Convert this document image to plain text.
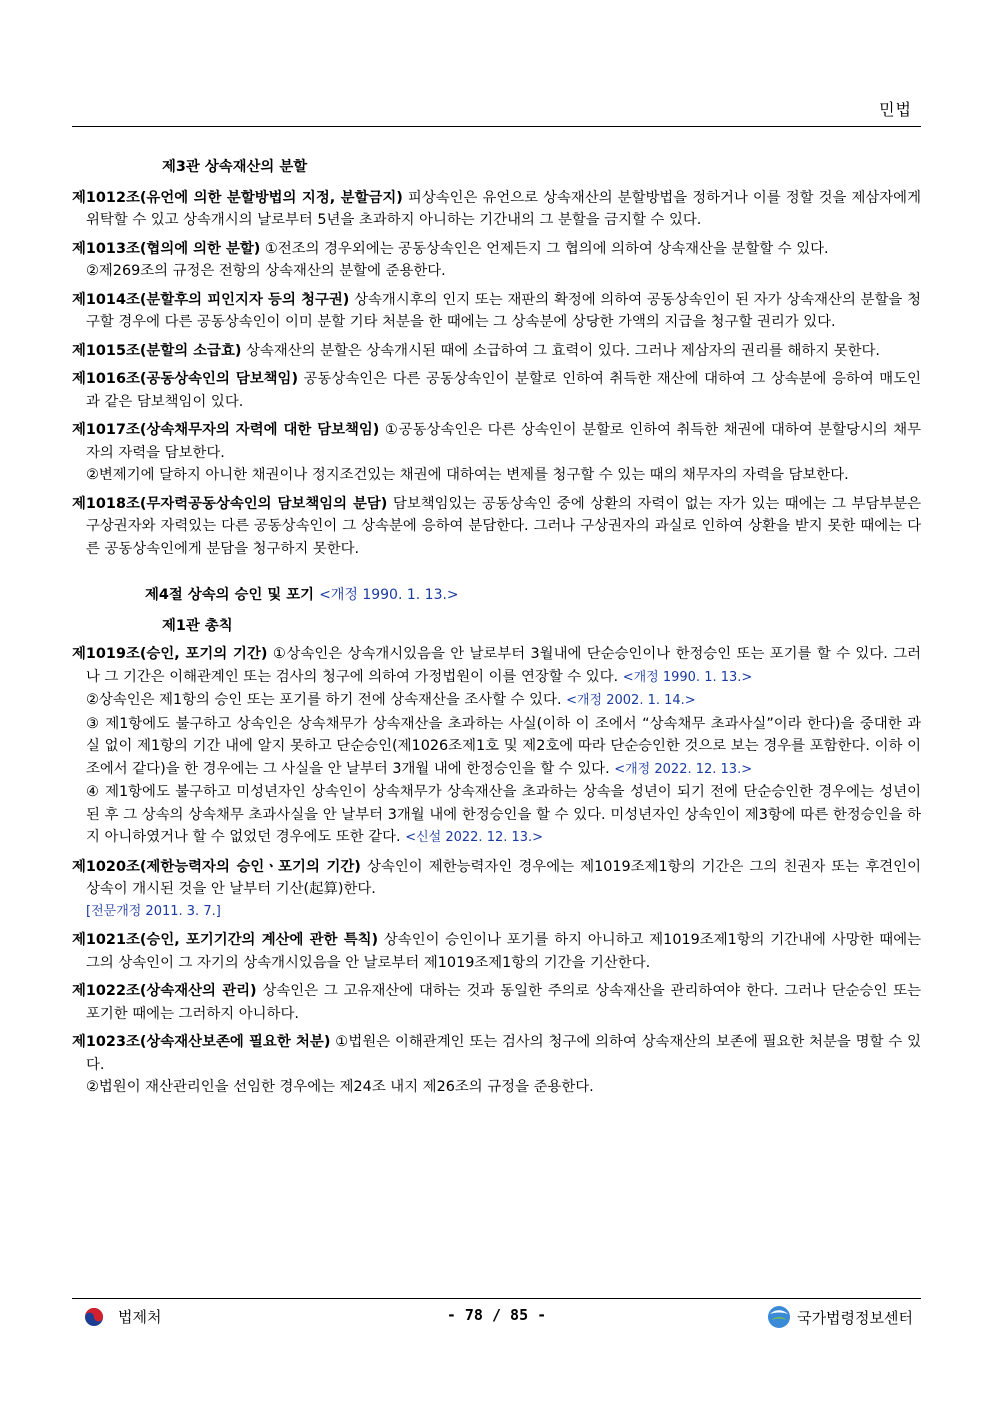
민법
제3관 상속재산의 분할

제1012조(유언에 의한 분할방법의 지정, 분할금지) 피상속인은 유언으로 상속재산의 분할방법을 정하거나 이를 정할 것을 제삼자에게 위탁할 수 있고 상속개시의 날로부터 5년을 초과하지 아니하는 기간내의 그 분할을 금지할 수 있다.

제1013조(협의에 의한 분할) ①전조의 경우외에는 공동상속인은 언제든지 그 협의에 의하여 상속재산을 분할할 수 있다.

②제269조의 규정은 전항의 상속재산의 분할에 준용한다.

제1014조(분할후의 피인지자 등의 청구권) 상속개시후의 인지 또는 재판의 확정에 의하여 공동상속인이 된 자가 상속재산의 분할을 청구할 경우에 다른 공동상속인이 이미 분할 기타 처분을 한 때에는 그 상속분에 상당한 가액의 지급을 청구할 권리가 있다.

제1015조(분할의 소급효) 상속재산의 분할은 상속개시된 때에 소급하여 그 효력이 있다. 그러나 제삼자의 권리를 해하지 못한다.

제1016조(공동상속인의 담보책임) 공동상속인은 다른 공동상속인이 분할로 인하여 취득한 재산에 대하여 그 상속분에 응하여 매도인과 같은 담보책임이 있다.

제1017조(상속채무자의 자력에 대한 담보책임) ①공동상속인은 다른 상속인이 분할로 인하여 취득한 채권에 대하여 분할당시의 채무자의 자력을 담보한다.

②변제기에 달하지 아니한 채권이나 정지조건있는 채권에 대하여는 변제를 청구할 수 있는 때의 채무자의 자력을 담보한다.

제1018조(무자력공동상속인의 담보책임의 분담) 담보책임있는 공동상속인 중에 상환의 자력이 없는 자가 있는 때에는 그 부담부분은 구상권자와 자력있는 다른 공동상속인이 그 상속분에 응하여 분담한다. 그러나 구상권자의 과실로 인하여 상환을 받지 못한 때에는 다른 공동상속인에게 분담을 청구하지 못한다.

제4절 상속의 승인 및 포기 <개정 1990. 1. 13.>
제1관 총칙

제1019조(승인, 포기의 기간) ①상속인은 상속개시있음을 안 날로부터 3월내에 단순승인이나 한정승인 또는 포기를 할 수 있다. 그러나 그 기간은 이해관계인 또는 검사의 청구에 의하여 가정법원이 이를 연장할 수 있다. <개정 1990. 1. 13.>

②상속인은 제1항의 승인 또는 포기를 하기 전에 상속재산을 조사할 수 있다. <개정 2002. 1. 14.>

③ 제1항에도 불구하고 상속인은 상속채무가 상속재산을 초과하는 사실(이하 이 조에서 “상속채무 초과사실”이라 한다)을 중대한 과실 없이 제1항의 기간 내에 알지 못하고 단순승인(제1026조제1호 및 제2호에 따라 단순승인한 것으로 보는 경우를 포함한다. 이하 이 조에서 같다)을 한 경우에는 그 사실을 안 날부터 3개월 내에 한정승인을 할 수 있다. <개정 2022. 12. 13.>

④ 제1항에도 불구하고 미성년자인 상속인이 상속채무가 상속재산을 초과하는 상속을 성년이 되기 전에 단순승인한 경우에는 성년이 된 후 그 상속의 상속채무 초과사실을 안 날부터 3개월 내에 한정승인을 할 수 있다. 미성년자인 상속인이 제3항에 따른 한정승인을 하지 아니하였거나 할 수 없었던 경우에도 또한 같다. <신설 2022. 12. 13.>

제1020조(제한능력자의 승인ㆍ포기의 기간) 상속인이 제한능력자인 경우에는 제1019조제1항의 기간은 그의 친권자 또는 후견인이 상속이 개시된 것을 안 날부터 기산(起算)한다.

[전문개정 2011. 3. 7.]

제1021조(승인, 포기기간의 계산에 관한 특칙) 상속인이 승인이나 포기를 하지 아니하고 제1019조제1항의 기간내에 사망한 때에는 그의 상속인이 그 자기의 상속개시있음을 안 날로부터 제1019조제1항의 기간을 기산한다.

제1022조(상속재산의 관리) 상속인은 그 고유재산에 대하는 것과 동일한 주의로 상속재산을 관리하여야 한다. 그러나 단순승인 또는 포기한 때에는 그러하지 아니하다.

제1023조(상속재산보존에 필요한 처분) ①법원은 이해관계인 또는 검사의 청구에 의하여 상속재산의 보존에 필요한 처분을 명할 수 있다.

②법원이 재산관리인을 선임한 경우에는 제24조 내지 제26조의 규정을 준용한다.

법제처	- 78 / 85 -	국가법령정보센터
